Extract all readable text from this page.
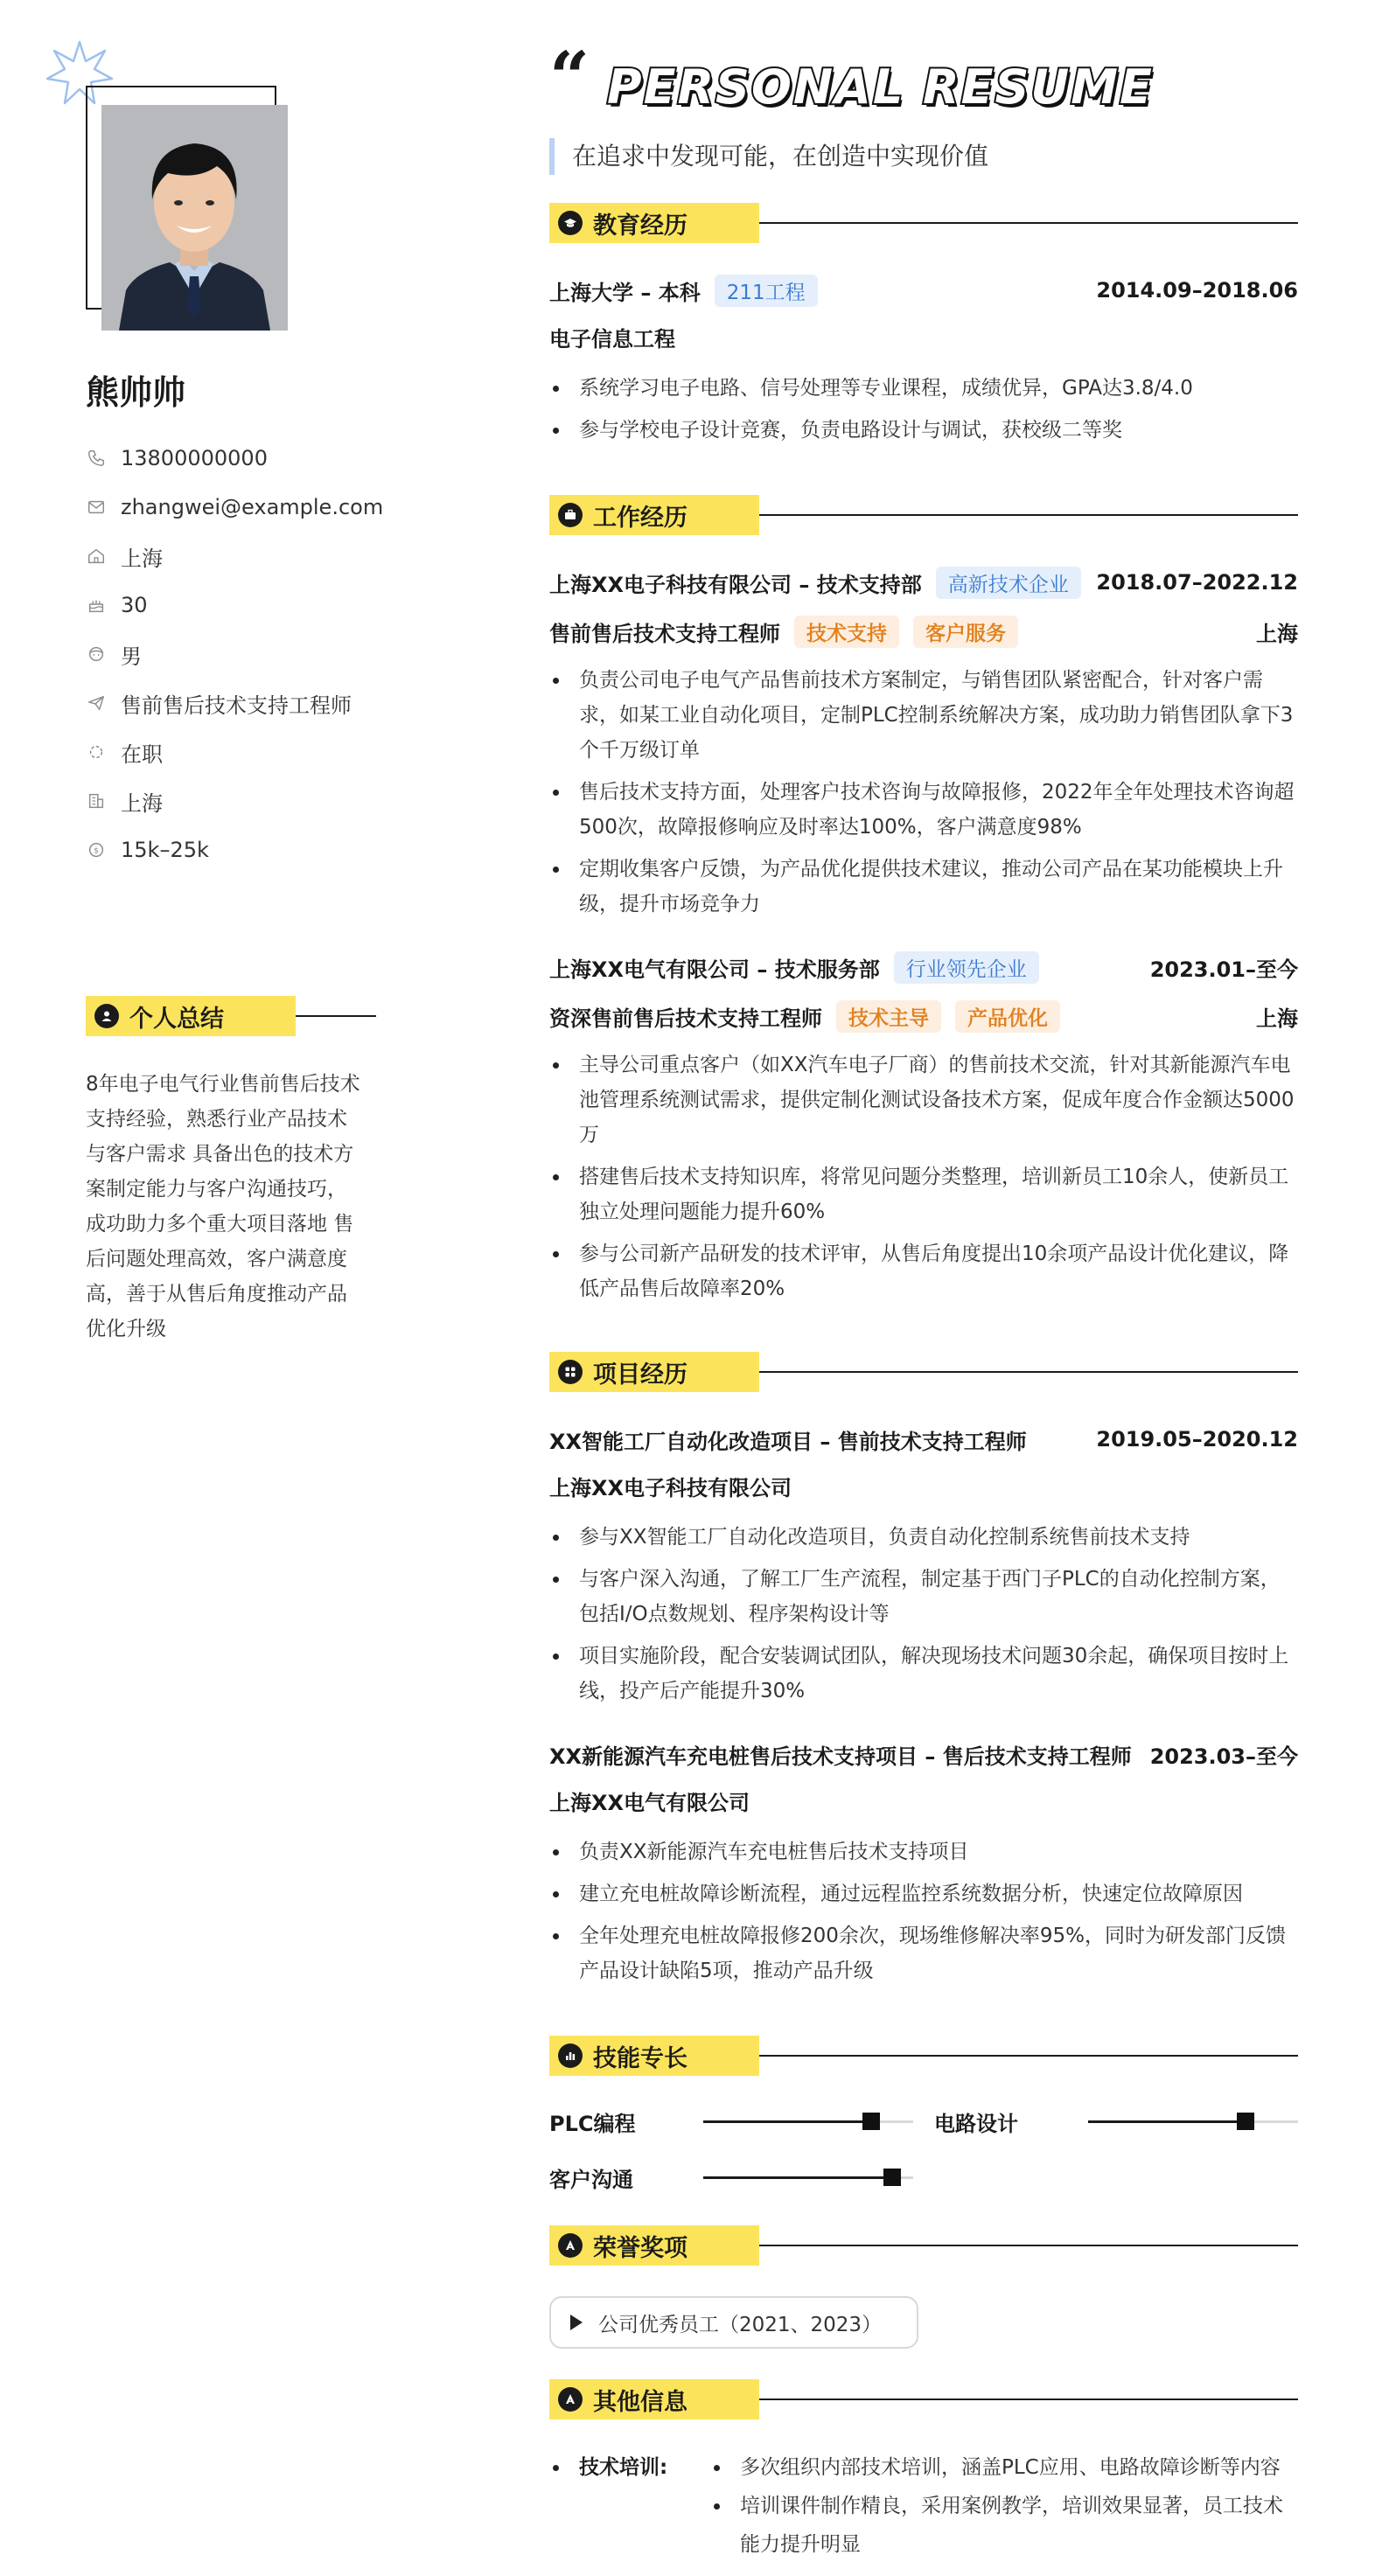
熊帅帅
13800000000
zhangwei@example.com
上海
30
男
售前售后技术支持工程师
在职
上海
$ 15k–25k
个人总结
8年电子电气行业售前售后技术
支持经验，熟悉行业产品技术
与客户需求 具备出色的技术方
案制定能力与客户沟通技巧，
成功助力多个重大项目落地 售
后问题处理高效，客户满意度
高，善于从售后角度推动产品
优化升级
“ PERSONAL RESUME
在追求中发现可能，在创造中实现价值
教育经历
上海大学 – 本科	211工程	2014.09–2018.06
电子信息工程
系统学习电子电路、信号处理等专业课程，成绩优异，GPA达3.8/4.0
参与学校电子设计竞赛，负责电路设计与调试，获校级二等奖
工作经历
上海XX电子科技有限公司 – 技术支持部	高新技术企业	2018.07–2022.12
售前售后技术支持工程师	技术支持	客户服务	上海
负责公司电子电气产品售前技术方案制定，与销售团队紧密配合，针对客户需求，如某工业自动化项目，定制PLC控制系统解决方案，成功助力销售团队拿下3个千万级订单
售后技术支持方面，处理客户技术咨询与故障报修，2022年全年处理技术咨询超500次，故障报修响应及时率达100%，客户满意度98%
定期收集客户反馈，为产品优化提供技术建议，推动公司产品在某功能模块上升级，提升市场竞争力
上海XX电气有限公司 – 技术服务部	行业领先企业	2023.01–至今
资深售前售后技术支持工程师	技术主导	产品优化	上海
主导公司重点客户（如XX汽车电子厂商）的售前技术交流，针对其新能源汽车电池管理系统测试需求，提供定制化测试设备技术方案，促成年度合作金额达5000万
搭建售后技术支持知识库，将常见问题分类整理，培训新员工10余人，使新员工独立处理问题能力提升60%
参与公司新产品研发的技术评审，从售后角度提出10余项产品设计优化建议，降低产品售后故障率20%
项目经历
XX智能工厂自动化改造项目 – 售前技术支持工程师	2019.05–2020.12
上海XX电子科技有限公司
参与XX智能工厂自动化改造项目，负责自动化控制系统售前技术支持
与客户深入沟通，了解工厂生产流程，制定基于西门子PLC的自动化控制方案，包括I/O点数规划、程序架构设计等
项目实施阶段，配合安装调试团队，解决现场技术问题30余起，确保项目按时上线，投产后产能提升30%
XX新能源汽车充电桩售后技术支持项目 – 售后技术支持工程师 2023.03–至今
上海XX电气有限公司
负责XX新能源汽车充电桩售后技术支持项目
建立充电桩故障诊断流程，通过远程监控系统数据分析，快速定位故障原因
全年处理充电桩故障报修200余次，现场维修解决率95%，同时为研发部门反馈产品设计缺陷5项，推动产品升级
技能专长
PLC编程	电路设计
客户沟通
荣誉奖项
公司优秀员工（2021、2023）
其他信息
技术培训:	多次组织内部技术培训，涵盖PLC应用、电路故障诊断等内容
培训课件制作精良，采用案例教学，培训效果显著，员工技术能力提升明显
